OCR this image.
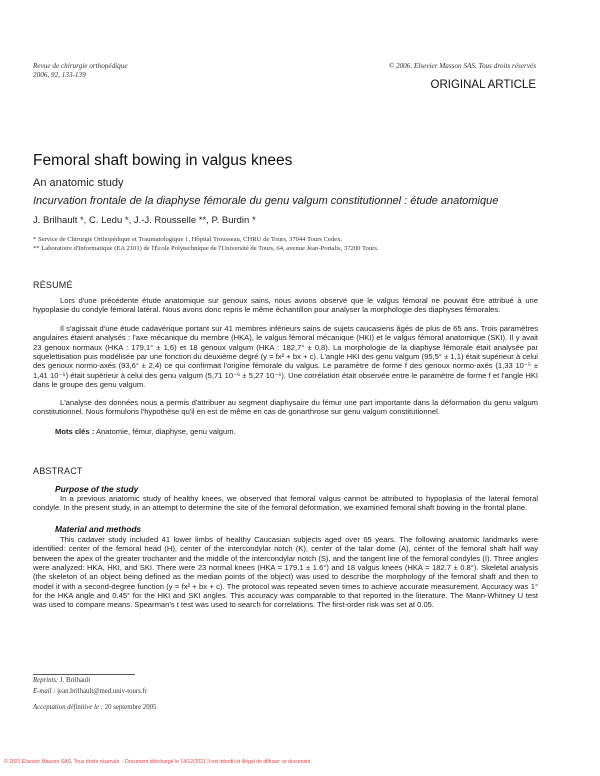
Revue de chirurgie orthopédique
2006, 92, 133-139
© 2006. Elsevier Masson SAS. Tous droits réservés
ORIGINAL ARTICLE
Femoral shaft bowing in valgus knees
An anatomic study
Incurvation frontale de la diaphyse fémorale du genu valgum constitutionnel : étude anatomique
J. Brilhault *, C. Ledu *, J.-J. Rousselle **, P. Burdin *
* Service de Chirurgie Orthopédique et Traumatologique 1, Hôpital Trousseau, CHRU de Tours, 37044 Tours Cedex.
** Laboratoire d'Informatique (EA 2101) de l'École Polytechnique de l'Université de Tours, 64, avenue Jean-Portalis, 37200 Tours.
RÉSUMÉ

Lors d'une précédente étude anatomique sur genoux sains, nous avions observé que le valgus fémoral ne pouvait être attribué à une hypoplasie du condyle fémoral latéral. Nous avons donc repris le même échantillon pour analyser la morphologie des diaphyses fémorales.

Il s'agissait d'une étude cadavérique portant sur 41 membres inférieurs sains de sujets caucasiens âgés de plus de 65 ans. Trois paramètres angulaires étaient analysés : l'axe mécanique du membre (HKA), le valgus fémoral mécanique (HKI) et le valgus fémoral anatomique (SKI). Il y avait 23 genoux normaux (HKA : 179,1° ± 1,6) et 18 genoux valgum (HKA : 182,7° ± 0,8). La morphologie de la diaphyse fémorale était analysée par squelettisation puis modélisée par une fonction du deuxième degré (y = fx² + bx + c). L'angle HKI des genu valgum (95,5° ± 1,1) était supérieur à celui des genoux normo-axés (93,6° ± 2,4) ce qui confirmait l'origine fémorale du valgus. Le paramètre de forme f des genoux normo-axés (1,33 10⁻⁵ ± 1,41 10⁻⁵) était supérieur à celui des genu valgum (5,71 10⁻⁶ ± 5,27 10⁻⁶). Une corrélation était observée entre le paramètre de forme f et l'angle HKI dans le groupe des genu valgum.

L'analyse des données nous a permis d'attribuer au segment diaphysaire du fémur une part importante dans la déformation du genu valgum constitutionnel. Nous formulons l'hypothèse qu'il en est de même en cas de gonarthrose sur genu valgum constitutionnel.

Mots clés : Anatomie, fémur, diaphyse, genu valgum.
ABSTRACT
Purpose of the study

In a previous anatomic study of healthy knees, we observed that femoral valgus cannot be attributed to hypoplasia of the lateral femoral condyle. In the present study, in an attempt to determine the site of the femoral deformation, we examined femoral shaft bowing in the frontal plane.

Material and methods

This cadaver study included 41 lower limbs of healthy Caucasian subjects aged over 65 years. The following anatomic landmarks were identified: center of the femoral head (H), center of the intercondylar notch (K), center of the talar dome (A), center of the femoral shaft half way between the apex of the greater trochanter and the middle of the intercondylar notch (S), and the tangent line of the femoral condyles (I). Three angles were analyzed: HKA, HKI, and SKI. There were 23 normal knees (HKA = 179.1 ± 1.6°) and 18 valgus knees (HKA = 182.7 ± 0.8°). Skeletal analysis (the skeleton of an object being defined as the median points of the object) was used to describe the morphology of the femoral shaft and then to model it with a second-degree function (y = fx² + bx + c). The protocol was repeated seven times to achieve accurate measurement. Accuracy was 1° for the HKA angle and 0.45° for the HKI and SKI angles. This accuracy was comparable to that reported in the literature. The Mann-Whitney U test was used to compare means. Spearman's t test was used to search for correlations. The first-order risk was set at 0.05.

Reprints: J. Brilhault
E-mail : jean.brilhault@med.univ-tours.fr
Acceptation définitive le : 20 septembre 2005
© 2021 Elsevier Masson SAS. Tous droits réservés. - Document téléchargé le 14/12/2021 Il est interdit et illégal de diffuser ce document.
